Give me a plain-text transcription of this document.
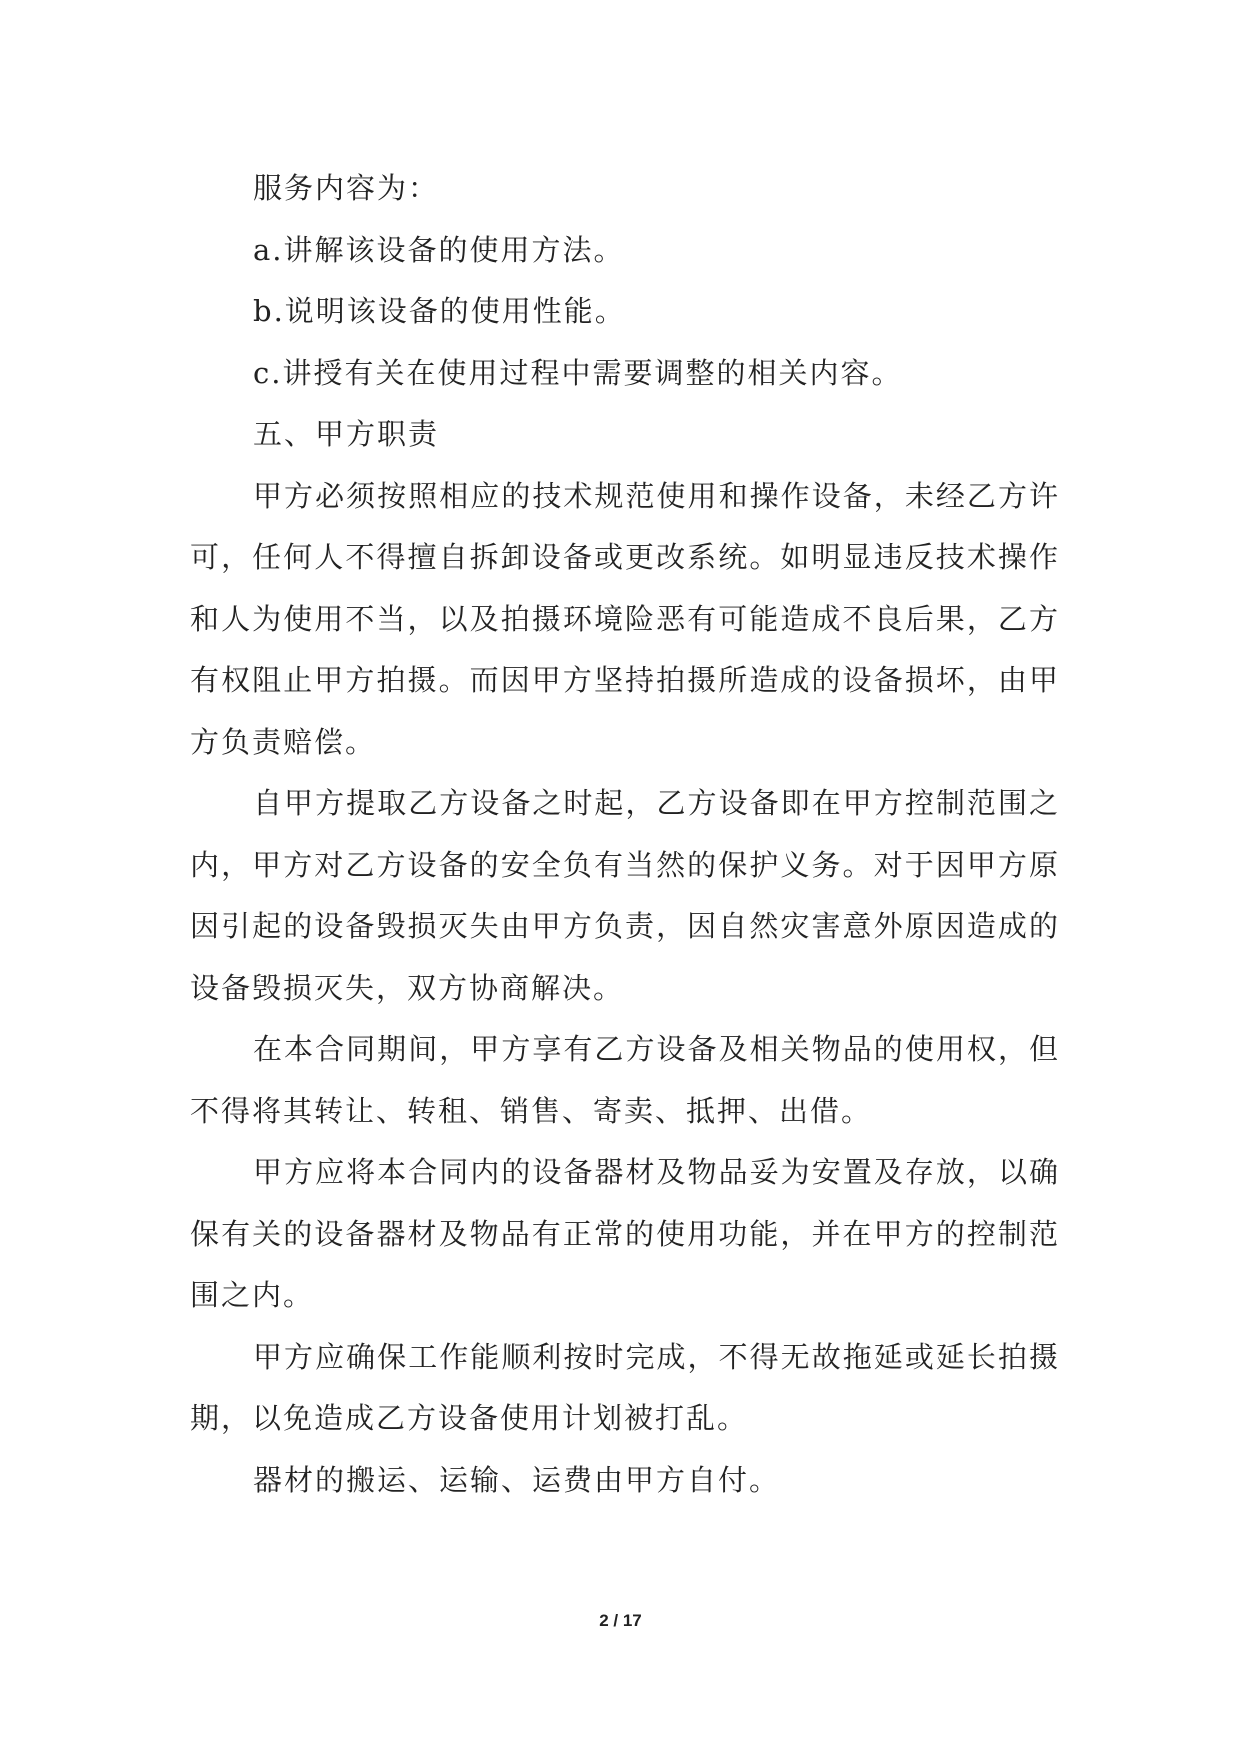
服务内容为：

a.讲解该设备的使用方法。

b.说明该设备的使用性能。

c.讲授有关在使用过程中需要调整的相关内容。

五、甲方职责

甲方必须按照相应的技术规范使用和操作设备，未经乙方许可，任何人不得擅自拆卸设备或更改系统。如明显违反技术操作和人为使用不当，以及拍摄环境险恶有可能造成不良后果，乙方有权阻止甲方拍摄。而因甲方坚持拍摄所造成的设备损坏，由甲方负责赔偿。

自甲方提取乙方设备之时起，乙方设备即在甲方控制范围之内，甲方对乙方设备的安全负有当然的保护义务。对于因甲方原因引起的设备毁损灭失由甲方负责，因自然灾害意外原因造成的设备毁损灭失，双方协商解决。

在本合同期间，甲方享有乙方设备及相关物品的使用权，但不得将其转让、转租、销售、寄卖、抵押、出借。

甲方应将本合同内的设备器材及物品妥为安置及存放，以确保有关的设备器材及物品有正常的使用功能，并在甲方的控制范围之内。

甲方应确保工作能顺利按时完成，不得无故拖延或延长拍摄期，以免造成乙方设备使用计划被打乱。

器材的搬运、运输、运费由甲方自付。

2 / 17
